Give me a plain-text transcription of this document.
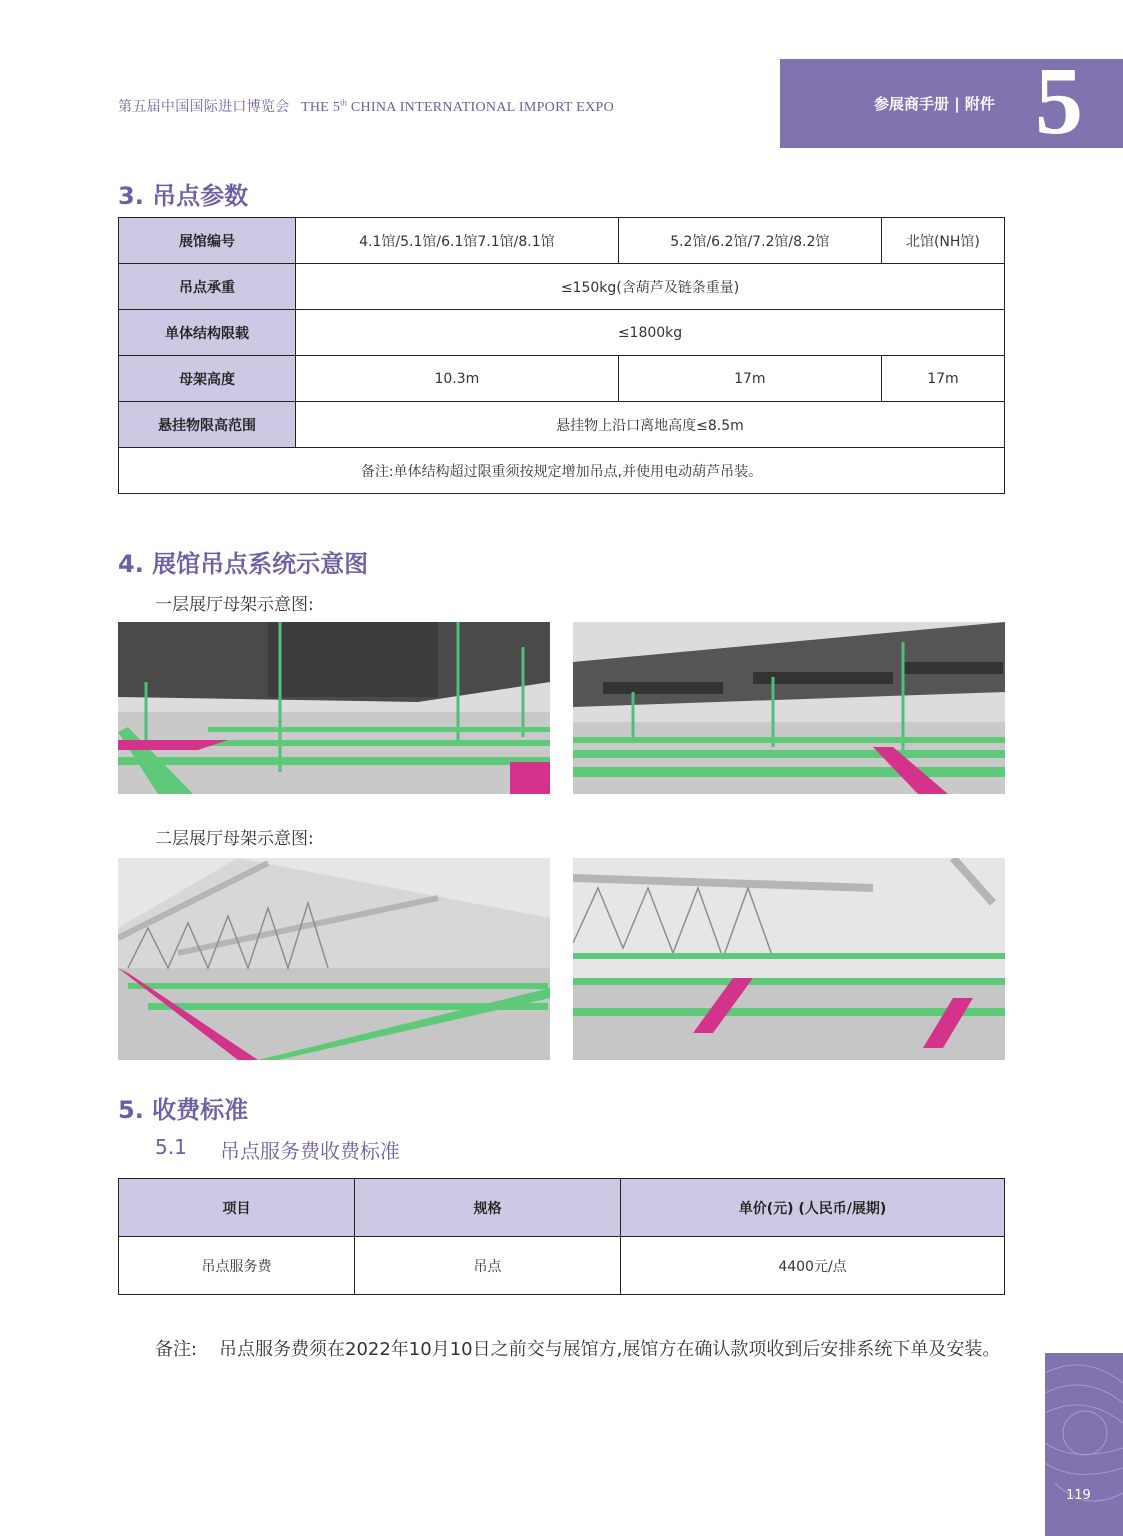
第五届中国国际进口博览会 THE 5th CHINA INTERNATIONAL IMPORT EXPO	参展商手册 | 附件 5
3. 吊点参数
展馆编号	4.1馆/5.1馆/6.1馆7.1馆/8.1馆	5.2馆/6.2馆/7.2馆/8.2馆	北馆(NH馆)
吊点承重	≤150kg(含葫芦及链条重量)		
单体结构限载	≤1800kg		
母架高度	10.3m	17m	17m
悬挂物限高范围	悬挂物上沿口离地高度≤8.5m		
备注:单体结构超过限重须按规定增加吊点,并使用电动葫芦吊装。			
4. 展馆吊点系统示意图
一层展厅母架示意图:
二层展厅母架示意图:
5. 收费标准
5.1 吊点服务费收费标准
项目	规格	单价(元) (人民币/展期)
吊点服务费	吊点	4400元/点
备注: 吊点服务费须在2022年10月10日之前交与展馆方,展馆方在确认款项收到后安排系统下单及安装。
119
